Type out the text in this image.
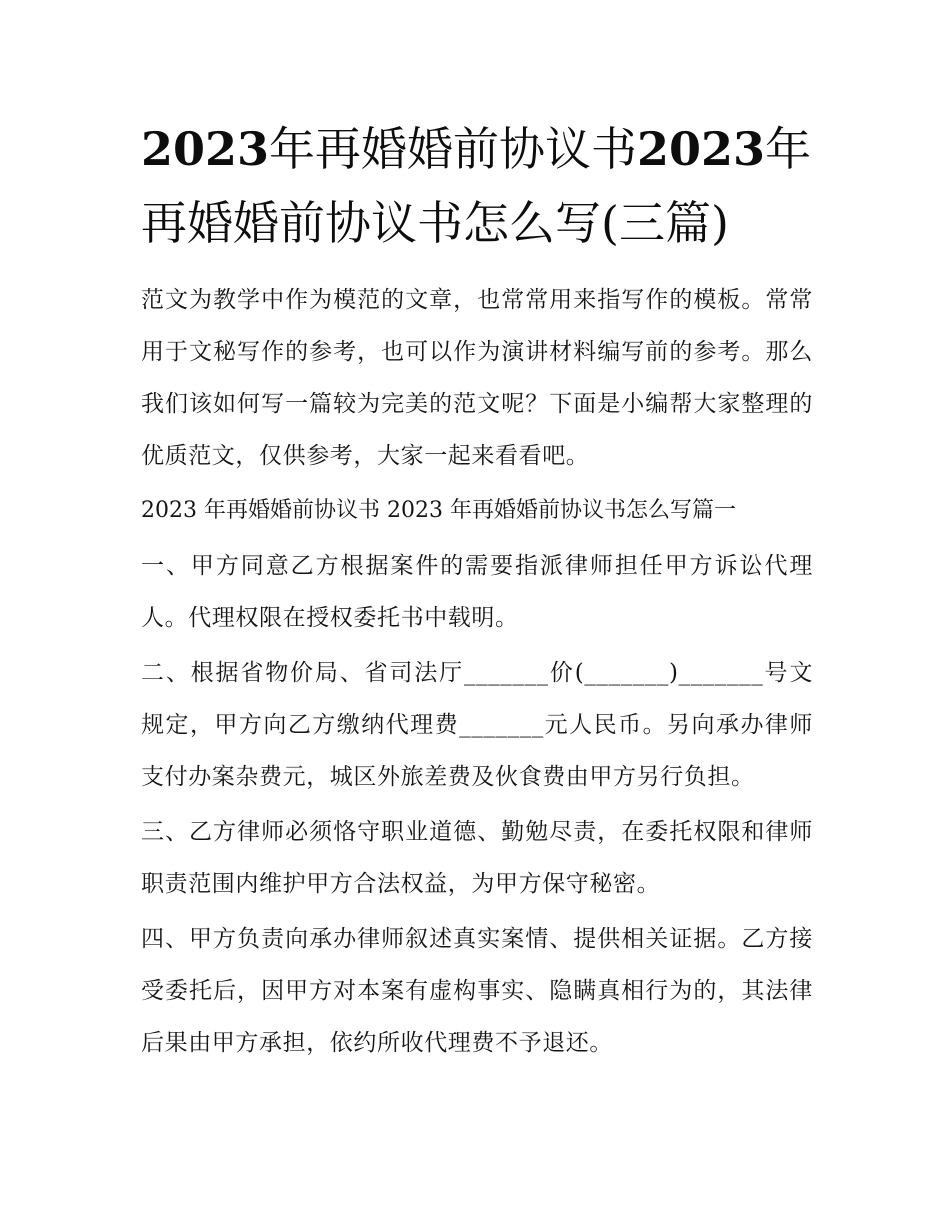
2023年再婚婚前协议书2023年再婚婚前协议书怎么写(三篇)

范文为教学中作为模范的文章，也常常用来指写作的模板。常常用于文秘写作的参考，也可以作为演讲材料编写前的参考。那么我们该如何写一篇较为完美的范文呢？下面是小编帮大家整理的优质范文，仅供参考，大家一起来看看吧。

2023 年再婚婚前协议书 2023 年再婚婚前协议书怎么写篇一

一、甲方同意乙方根据案件的需要指派律师担任甲方诉讼代理人。代理权限在授权委托书中载明。

二、根据省物价局、省司法厅_______价(_______)_______号文规定，甲方向乙方缴纳代理费_______元人民币。另向承办律师支付办案杂费元，城区外旅差费及伙食费由甲方另行负担。

三、乙方律师必须恪守职业道德、勤勉尽责，在委托权限和律师职责范围内维护甲方合法权益，为甲方保守秘密。

四、甲方负责向承办律师叙述真实案情、提供相关证据。乙方接受委托后，因甲方对本案有虚构事实、隐瞒真相行为的，其法律后果由甲方承担，依约所收代理费不予退还。
